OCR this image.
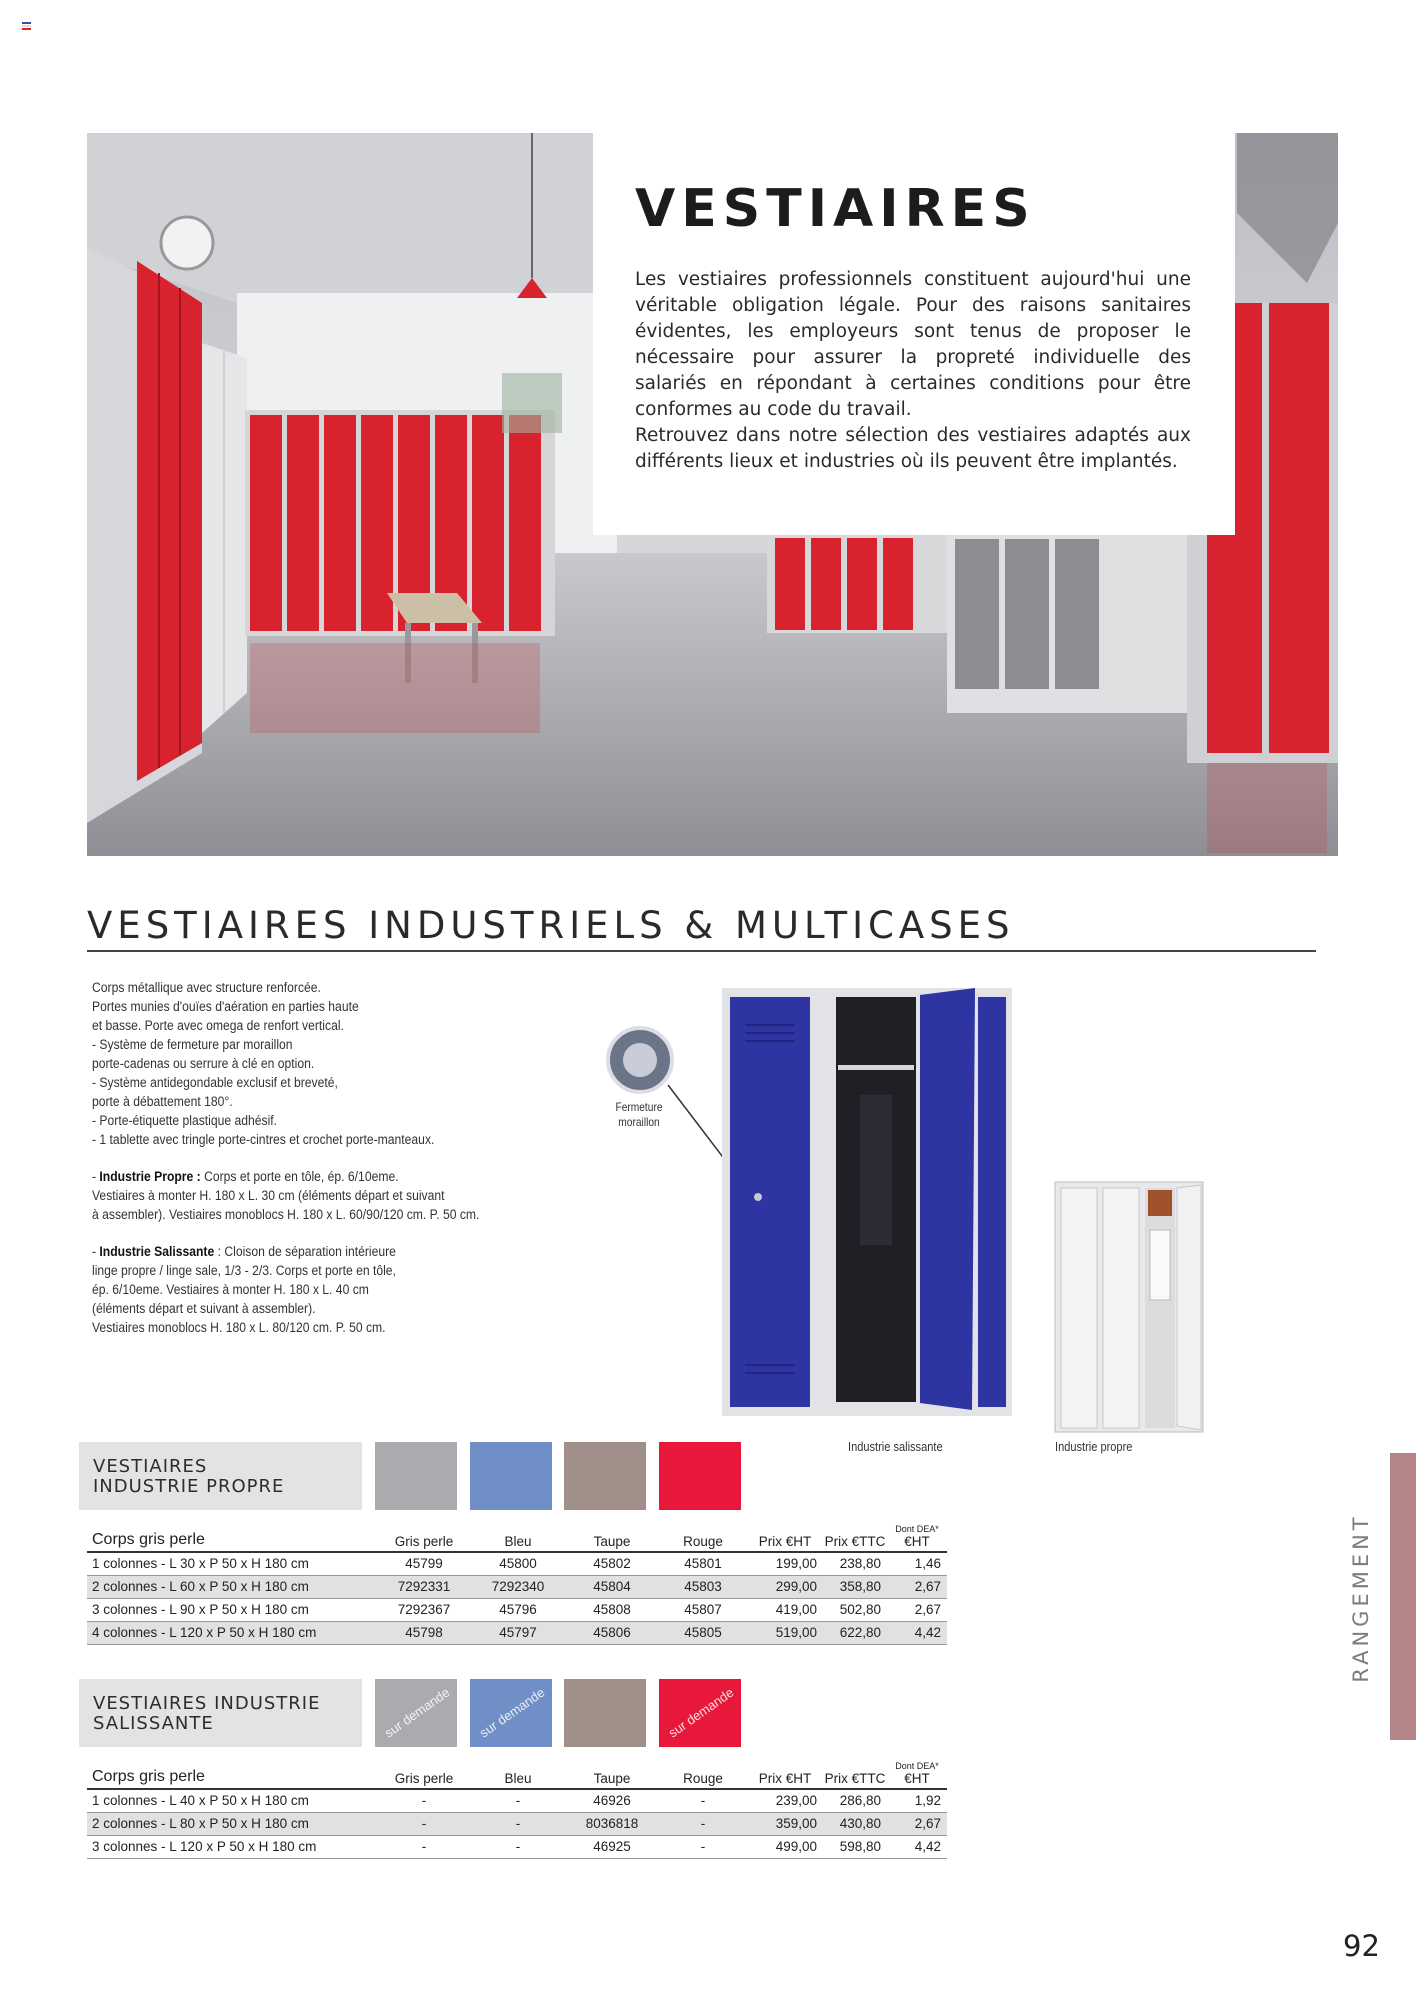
VESTIAIRES

Les vestiaires professionnels constituent aujourd'hui une véritable obligation légale. Pour des raisons sanitaires évidentes, les employeurs sont tenus de proposer le nécessaire pour assurer la propreté individuelle des salariés en répondant à certaines conditions pour être conformes au code du travail.

Retrouvez dans notre sélection des vestiaires adaptés aux différents lieux et industries où ils peuvent être implantés.

VESTIAIRES INDUSTRIELS & MULTICASES

Corps métallique avec structure renforcée.

Portes munies d'ouïes d'aération en parties haute

et basse. Porte avec omega de renfort vertical.

- Système de fermeture par moraillon

porte-cadenas ou serrure à clé en option.

- Système antidegondable exclusif et breveté,

porte à débattement 180°.

- Porte-étiquette plastique adhésif.

- 1 tablette avec tringle porte-cintres et crochet porte-manteaux.

- Industrie Propre : Corps et porte en tôle, ép. 6/10eme.

Vestiaires à monter H. 180 x L. 30 cm (éléments départ et suivant

à assembler). Vestiaires monoblocs H. 180 x L. 60/90/120 cm. P. 50 cm.

- Industrie Salissante : Cloison de séparation intérieure

linge propre / linge sale, 1/3 - 2/3. Corps et porte en tôle,

ép. 6/10eme. Vestiaires à monter H. 180 x L. 40 cm

(éléments départ et suivant à assembler).

Vestiaires monoblocs H. 180 x L. 80/120 cm. P. 50 cm.

Fermeture
moraillon
Industrie salissante	Industrie propre
VESTIAIRES
INDUSTRIE PROPRE
Corps gris perle	Gris perle	Bleu	Taupe	Rouge	Prix €HT	Prix €TTC	Dont DEA*
€HT
1 colonnes - L 30 x P 50 x H 180 cm	45799	45800	45802	45801	199,00	238,80	1,46
2 colonnes - L 60 x P 50 x H 180 cm	7292331	7292340	45804	45803	299,00	358,80	2,67
3 colonnes - L 90 x P 50 x H 180 cm	7292367	45796	45808	45807	419,00	502,80	2,67
4 colonnes - L 120 x P 50 x H 180 cm	45798	45797	45806	45805	519,00	622,80	4,42
VESTIAIRES INDUSTRIE
SALISSANTE	sur demande	sur demande	sur demande
Corps gris perle	Gris perle	Bleu	Taupe	Rouge	Prix €HT	Prix €TTC	Dont DEA*
€HT
1 colonnes - L 40 x P 50 x H 180 cm	-	-	46926	-	239,00	286,80	1,92
2 colonnes - L 80 x P 50 x H 180 cm	-	-	8036818	-	359,00	430,80	2,67
3 colonnes - L 120 x P 50 x H 180 cm	-	-	46925	-	499,00	598,80	4,42
RANGEMENT
92
